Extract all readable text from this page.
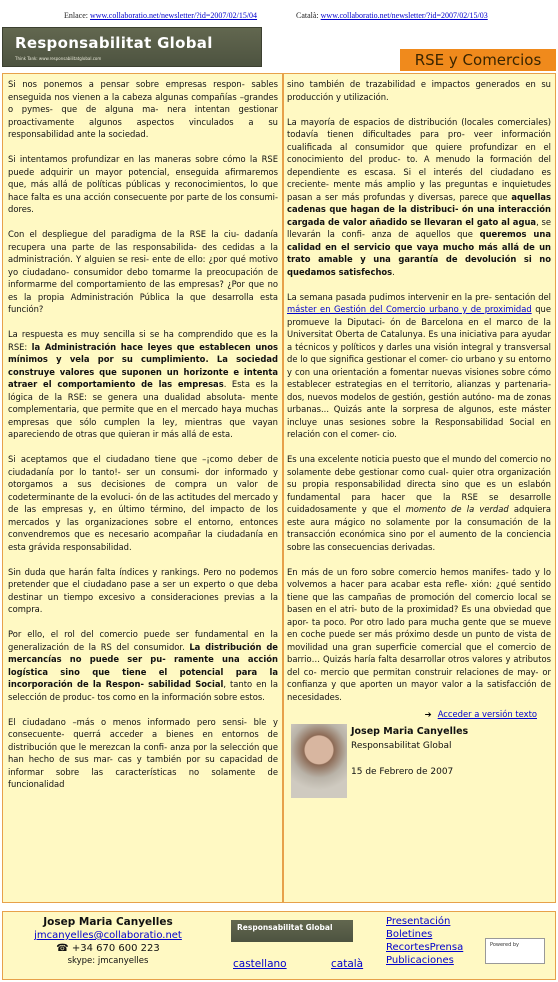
Enlace: www.collaboratio.net/newsletter/?id=2007/02/15/04	Català: www.collaboratio.net/newsletter/?id=2007/02/15/03
Responsabilitat Global
Think Tank: www.responsabilitatglobal.com	RSE y Comercios

Si nos ponemos a pensar sobre empresas respon- sables enseguida nos vienen a la cabeza algunas compañías –grandes o pymes- que de alguna ma- nera intentan gestionar proactivamente algunos aspectos vinculados a su responsabilidad ante la sociedad.

Si intentamos profundizar en las maneras sobre cómo la RSE puede adquirir un mayor potencial, enseguida afirmaremos que, más allá de políticas públicas y reconocimientos, lo que hace falta es una acción consecuente por parte de los consumi- dores.

Con el despliegue del paradigma de la RSE la ciu- dadanía recupera una parte de las responsabilida- des cedidas a la administración. Y alguien se resi- ente de ello: ¿por qué motivo yo ciudadano- consumidor debo tomarme la preocupación de informarme del comportamiento de las empresas? ¿Por que no es la propia Administración Pública la que desarrolla esta función?

La respuesta es muy sencilla si se ha comprendido que es la RSE: la Administración hace leyes que establecen unos mínimos y vela por su cumplimiento. La sociedad construye valores que suponen un horizonte e intenta atraer el comportamiento de las empresas. Esta es la lógica de la RSE: se genera una dualidad absoluta- mente complementaria, que permite que en el mercado haya muchas empresas que sólo cumplen la ley, mientras que vayan apareciendo de otras que quieran ir más allá de esta.

Si aceptamos que el ciudadano tiene que –¡como deber de ciudadanía por lo tanto!- ser un consumi- dor informado y otorgamos a sus decisiones de compra un valor de codeterminante de la evoluci- ón de las actitudes del mercado y de las empresas y, en último término, del impacto de los mercados y las organizaciones sobre el entorno, entonces convendremos que es necesario acompañar la ciudadanía en esta grávida responsabilidad.

Sin duda que harán falta índices y rankings. Pero no podemos pretender que el ciudadano pase a ser un experto o que deba destinar un tiempo excesivo a consideraciones previas a la compra.

Por ello, el rol del comercio puede ser fundamental en la generalización de la RS del consumidor. La distribución de mercancías no puede ser pu- ramente una acción logística sino que tiene el potencial para la incorporación de la Respon- sabilidad Social, tanto en la selección de produc- tos como en la información sobre estos.

El ciudadano –más o menos informado pero sensi- ble y consecuente- querrá acceder a bienes en entornos de distribución que le merezcan la confi- anza por la selección que han hecho de sus mar- cas y también por su capacidad de informar sobre las características no solamente de funcionalidad

sino también de trazabilidad e impactos generados en su producción y utilización.

La mayoría de espacios de distribución (locales comerciales) todavía tienen dificultades para pro- veer información cualificada al consumidor que quiere profundizar en el conocimiento del produc- to. A menudo la formación del dependiente es escasa. Si el interés del ciudadano es creciente- mente más amplio y las preguntas e inquietudes pasan a ser más profundas y diversas, parece que aquellas cadenas que hagan de la distribuci- ón una interacción cargada de valor añadido se llevaran el gato al agua, se llevarán la confi- anza de aquellos que queremos una calidad en el servicio que vaya mucho más allá de un trato amable y una garantía de devolución si no quedamos satisfechos.

La semana pasada pudimos intervenir en la pre- sentación del máster en Gestión del Comercio urbano y de proximidad que promueve la Diputaci- ón de Barcelona en el marco de la Universitat Oberta de Catalunya. Es una iniciativa para ayudar a técnicos y políticos y darles una visión integral y transversal de lo que significa gestionar el comer- cio urbano y su entorno y con una orientación a fomentar nuevas visiones sobre cómo establecer estrategias en el territorio, alianzas y partenaria- dos, nuevos modelos de gestión, gestión autóno- ma de zonas urbanas... Quizás ante la sorpresa de algunos, este máster incluye unas sesiones sobre la Responsabilidad Social en relación con el comer- cio.

Es una excelente noticia puesto que el mundo del comercio no solamente debe gestionar como cual- quier otra organización su propia responsabilidad directa sino que es un eslabón fundamental para hacer que la RSE se desarrolle cuidadosamente y que el momento de la verdad adquiera este aura mágico no solamente por la consumación de la transacción económica sino por el aumento de la conciencia sobre las consecuencias derivadas.

En más de un foro sobre comercio hemos manifes- tado y lo volvemos a hacer para acabar esta refle- xión: ¿qué sentido tiene que las campañas de promoción del comercio local se basen en el atri- buto de la proximidad? Es una obviedad que apor- ta poco. Por otro lado para mucha gente que se mueve en coche puede ser más próximo desde un punto de vista de movilidad una gran superficie comercial que el comercio de barrio… Quizás haría falta desarrollar otros valores y atributos del co- mercio que permitan construir relaciones de may- or confianza y que aporten un mayor valor a la satisfacción de necesidades.

➔ Acceder a versión texto
Josep Maria Canyelles
Responsabilitat Global
15 de Febrero de 2007
Josep Maria Canyelles
jmcanyelles@collaboratio.net
☎ +34 670 600 223
skype: jmcanyelles
Responsabilitat Global
castellano	català
Presentación
Boletines
RecortesPrensa
Publicaciones
Powered by
